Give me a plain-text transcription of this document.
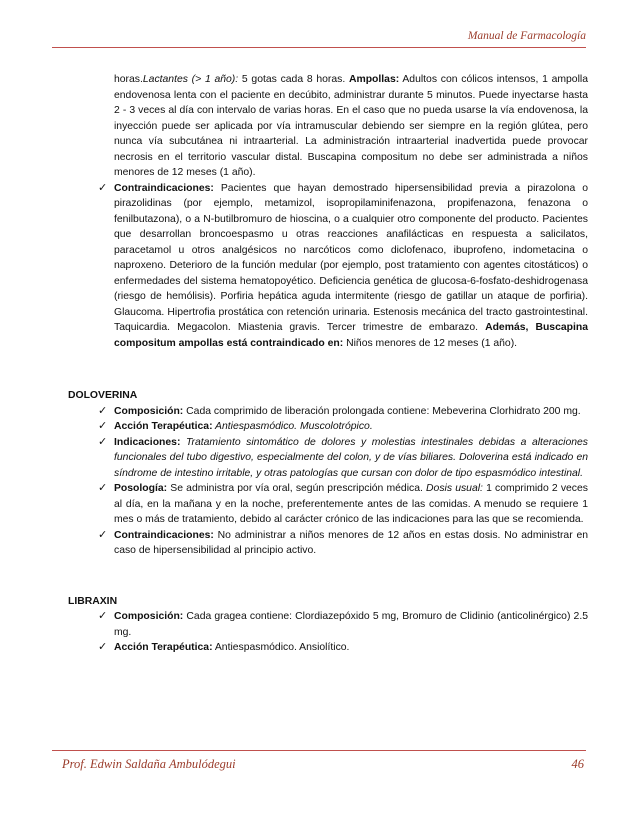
Manual de Farmacología

horas.Lactantes (> 1 año): 5 gotas cada 8 horas. Ampollas: Adultos con cólicos intensos, 1 ampolla endovenosa lenta con el paciente en decúbito, administrar durante 5 minutos. Puede inyectarse hasta 2 - 3 veces al día con intervalo de varias horas. En el caso que no pueda usarse la vía endovenosa, la inyección puede ser aplicada por vía intramuscular debiendo ser siempre en la región glútea, pero nunca vía subcutánea ni intraarterial. La administración intraarterial inadvertida puede provocar necrosis en el territorio vascular distal. Buscapina compositum no debe ser administrada a niños menores de 12 meses (1 año).

✓ Contraindicaciones: Pacientes que hayan demostrado hipersensibilidad previa a pirazolona o pirazolidinas (por ejemplo, metamizol, isopropilaminifenazona, propifenazona, fenazona o fenilbutazona), o a N-butilbromuro de hioscina, o a cualquier otro componente del producto. Pacientes que desarrollan broncoespasmo u otras reacciones anafilácticas en respuesta a salicilatos, paracetamol u otros analgésicos no narcóticos como diclofenaco, ibuprofeno, indometacina o naproxeno. Deterioro de la función medular (por ejemplo, post tratamiento con agentes citostáticos) o enfermedades del sistema hematopoyético. Deficiencia genética de glucosa-6-fosfato-deshidrogenasa (riesgo de hemólisis). Porfiria hepática aguda intermitente (riesgo de gatillar un ataque de porfiria). Glaucoma. Hipertrofia prostática con retención urinaria. Estenosis mecánica del tracto gastrointestinal. Taquicardia. Megacolon. Miastenia gravis. Tercer trimestre de embarazo. Además, Buscapina compositum ampollas está contraindicado en: Niños menores de 12 meses (1 año).

DOLOVERINA

✓ Composición: Cada comprimido de liberación prolongada contiene: Mebeverina Clorhidrato 200 mg.

✓ Acción Terapéutica: Antiespasmódico. Muscolotrópico.

✓ Indicaciones: Tratamiento sintomático de dolores y molestias intestinales debidas a alteraciones funcionales del tubo digestivo, especialmente del colon, y de vías biliares. Doloverina está indicado en síndrome de intestino irritable, y otras patologías que cursan con dolor de tipo espasmódico intestinal.

✓ Posología: Se administra por vía oral, según prescripción médica. Dosis usual: 1 comprimido 2 veces al día, en la mañana y en la noche, preferentemente antes de las comidas. A menudo se requiere 1 mes o más de tratamiento, debido al carácter crónico de las indicaciones para las que se recomienda.

✓ Contraindicaciones: No administrar a niños menores de 12 años en estas dosis. No administrar en caso de hipersensibilidad al principio activo.

LIBRAXIN

✓ Composición: Cada gragea contiene: Clordiazepóxido 5 mg, Bromuro de Clidinio (anticolinérgico) 2.5 mg.

✓ Acción Terapéutica: Antiespasmódico. Ansiolítico.

Prof. Edwin Saldaña Ambulódegui	46
